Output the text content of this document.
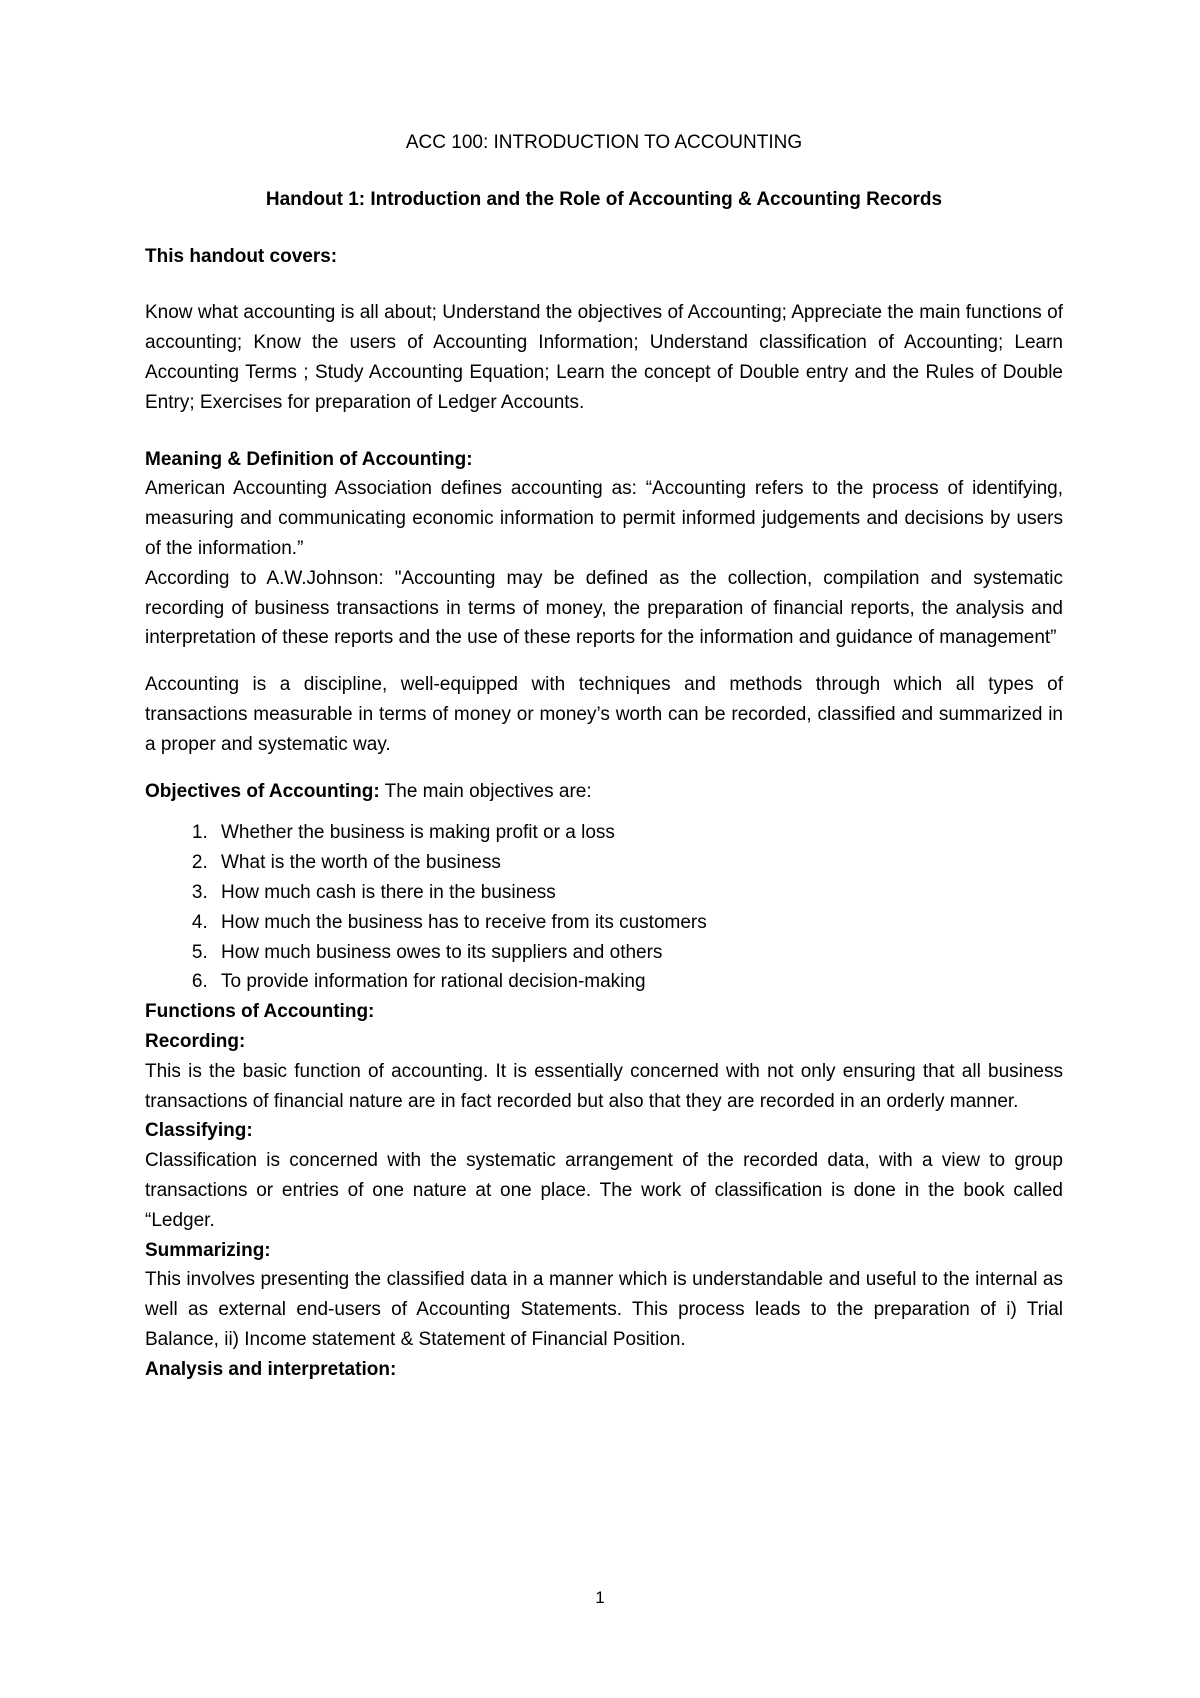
ACC 100: INTRODUCTION TO ACCOUNTING
Handout 1: Introduction and the Role of Accounting & Accounting Records
This handout covers:

Know what accounting is all about; Understand the objectives of Accounting; Appreciate the main functions of accounting; Know the users of Accounting Information; Understand classification of Accounting; Learn Accounting Terms ; Study Accounting Equation; Learn the concept of Double entry and the Rules of Double Entry; Exercises for preparation of Ledger Accounts.

Meaning & Definition of Accounting:

American Accounting Association defines accounting as: “Accounting refers to the process of identifying, measuring and communicating economic information to permit informed judgements and decisions by users of the information.”

According to A.W.Johnson: "Accounting may be defined as the collection, compilation and systematic recording of business transactions in terms of money, the preparation of financial reports, the analysis and interpretation of these reports and the use of these reports for the information and guidance of management”

Accounting is a discipline, well-equipped with techniques and methods through which all types of transactions measurable in terms of money or money’s worth can be recorded, classified and summarized in a proper and systematic way.

Objectives of Accounting: The main objectives are:

1. Whether the business is making profit or a loss
2. What is the worth of the business
3. How much cash is there in the business
4. How much the business has to receive from its customers
5. How much business owes to its suppliers and others
6. To provide information for rational decision-making
Functions of Accounting:
Recording:

This is the basic function of accounting. It is essentially concerned with not only ensuring that all business transactions of financial nature are in fact recorded but also that they are recorded in an orderly manner.

Classifying:

Classification is concerned with the systematic arrangement of the recorded data, with a view to group transactions or entries of one nature at one place. The work of classification is done in the book called “Ledger.

Summarizing:

This involves presenting the classified data in a manner which is understandable and useful to the internal as well as external end-users of Accounting Statements. This process leads to the preparation of i) Trial Balance, ii) Income statement & Statement of Financial Position.

Analysis and interpretation:
1
